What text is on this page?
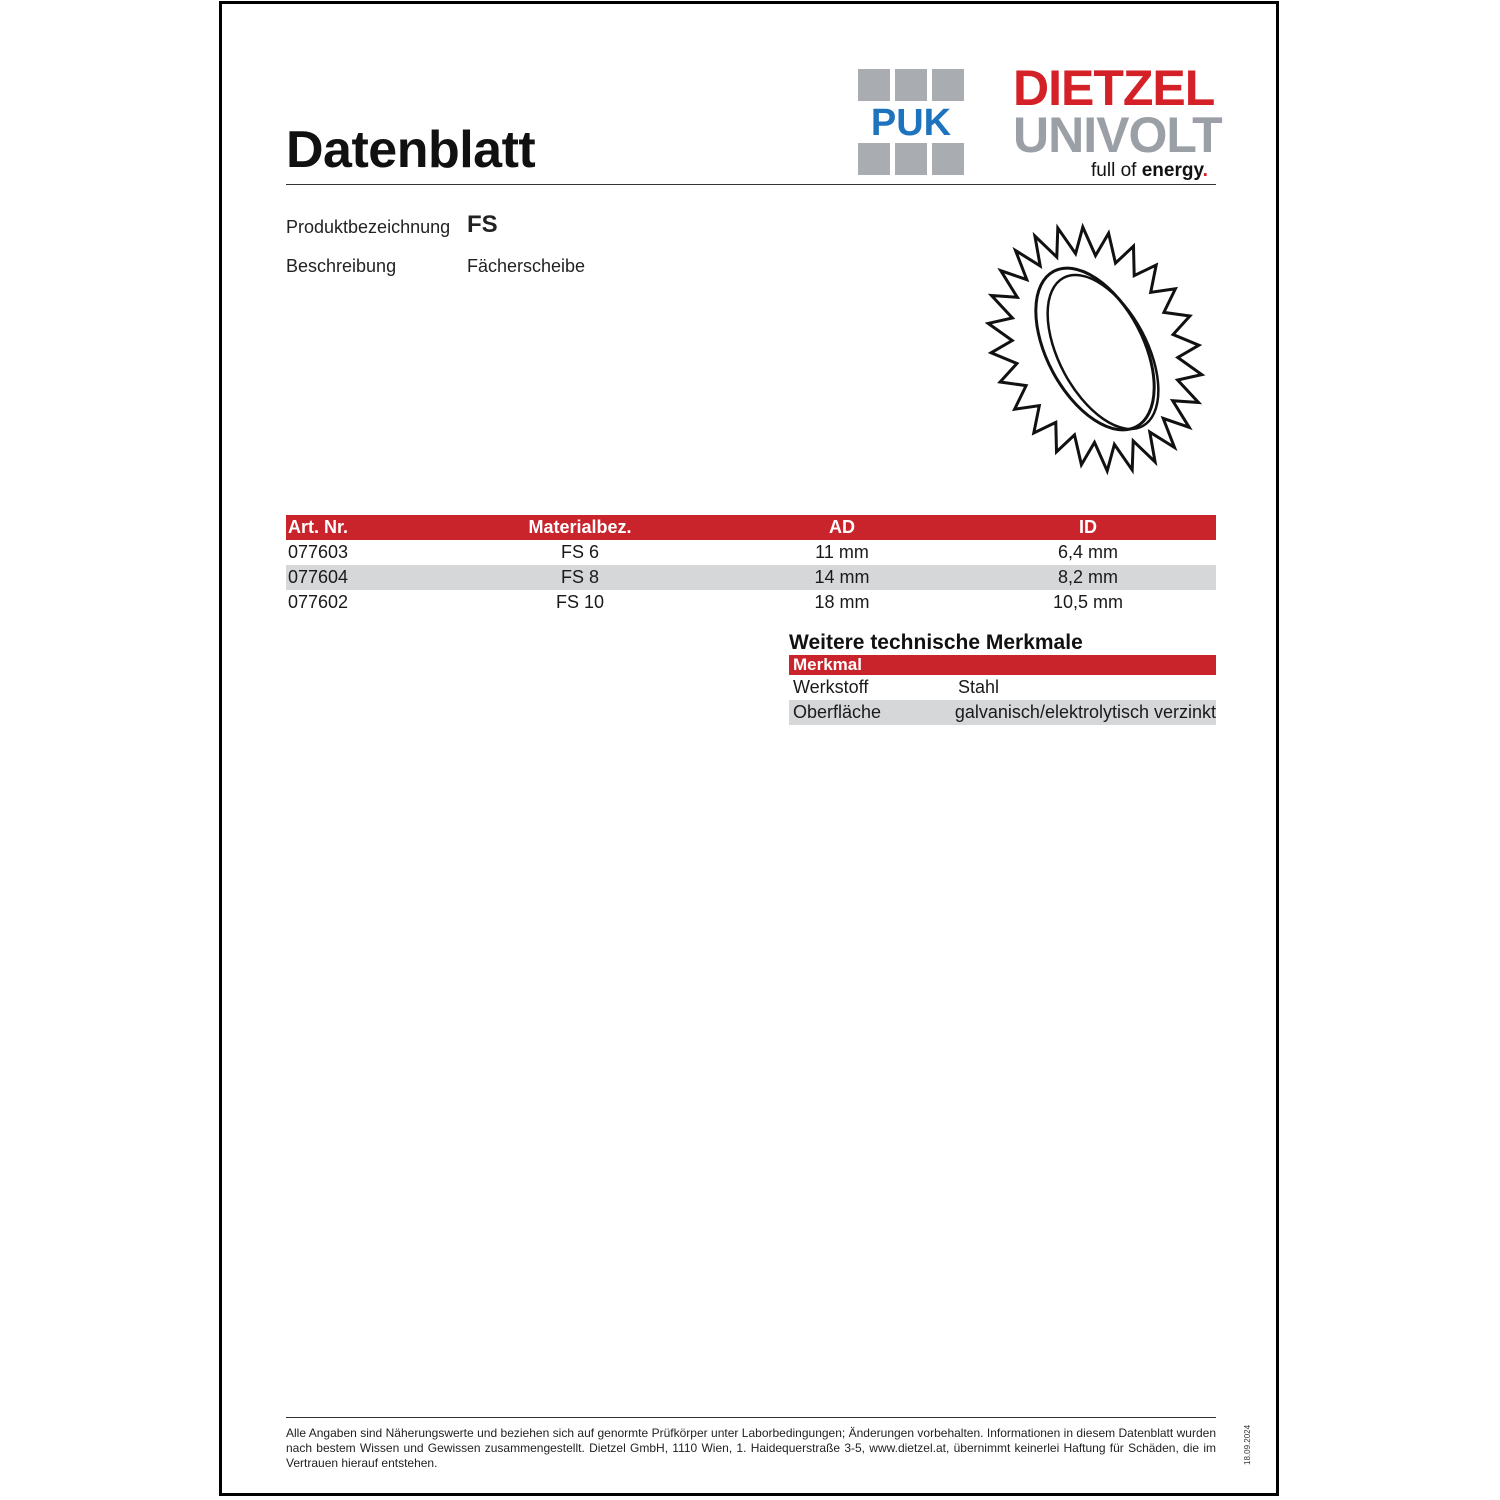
Datenblatt	PUK
DIETZEL
UNIVOLT
full of energy.
Produktbezeichnung FS
Beschreibung	Fächerscheibe
Art. Nr.	Materialbez.	AD	ID
077603	FS 6	11 mm	6,4 mm
077604	FS 8	14 mm	8,2 mm
077602	FS 10	18 mm	10,5 mm
Weitere technische Merkmale
Merkmal
Werkstoff	Stahl
Oberfläche	galvanisch/elektrolytisch verzinkt
Alle Angaben sind Näherungswerte und beziehen sich auf genormte Prüfkörper unter Laborbedingungen; Änderungen vorbehalten. Informationen in diesem Datenblatt wurden nach bestem Wissen und Gewissen zusammengestellt. Dietzel GmbH, 1110 Wien, 1. Haidequerstraße 3-5, www.dietzel.at, übernimmt keinerlei Haftung für Schäden, die im Vertrauen hierauf entstehen.	18.09.2024
